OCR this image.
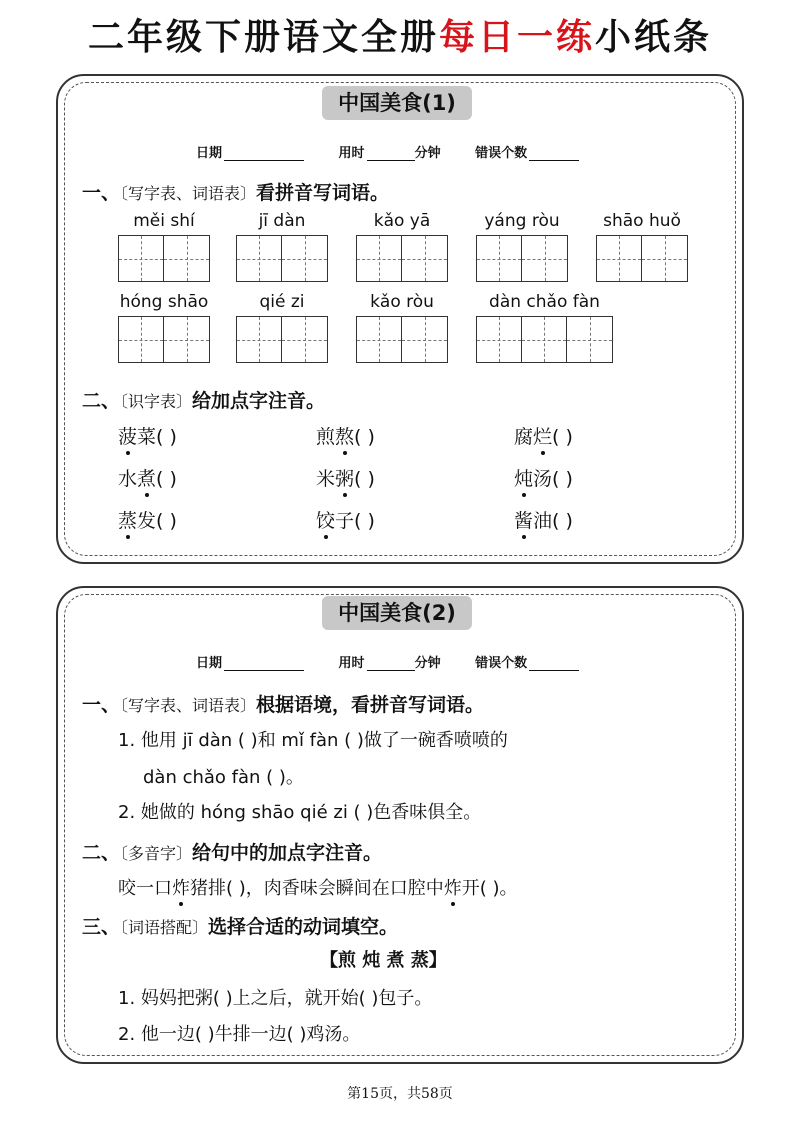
二年级下册语文全册每日一练小纸条
中国美食(1)
日期	用时	分钟	错误个数
一、〔写字表、词语表〕看拼音写词语。
měi shí	jī dàn	kǎo yā	yáng ròu	shāo huǒ
hóng shāo	qié zi	kǎo ròu	dàn chǎo fàn
二、〔识字表〕给加点字注音。
菠菜( )	煎熬( )	腐烂( )
水煮( )	米粥( )	炖汤( )
蒸发( )	饺子( )	酱油( )
中国美食(2)
日期	用时	分钟	错误个数
一、〔写字表、词语表〕根据语境，看拼音写词语。
1. 他用 jī dàn ( )和 mǐ fàn ( )做了一碗香喷喷的
dàn chǎo fàn ( )。
2. 她做的 hóng shāo qié zi ( )色香味俱全。
二、〔多音字〕给句中的加点字注音。
咬一口炸猪排( )，肉香味会瞬间在口腔中炸开( )。
三、〔词语搭配〕选择合适的动词填空。
【煎 炖 煮 蒸】
1. 妈妈把粥( )上之后，就开始( )包子。
2. 他一边( )牛排一边( )鸡汤。
第15页，共58页
